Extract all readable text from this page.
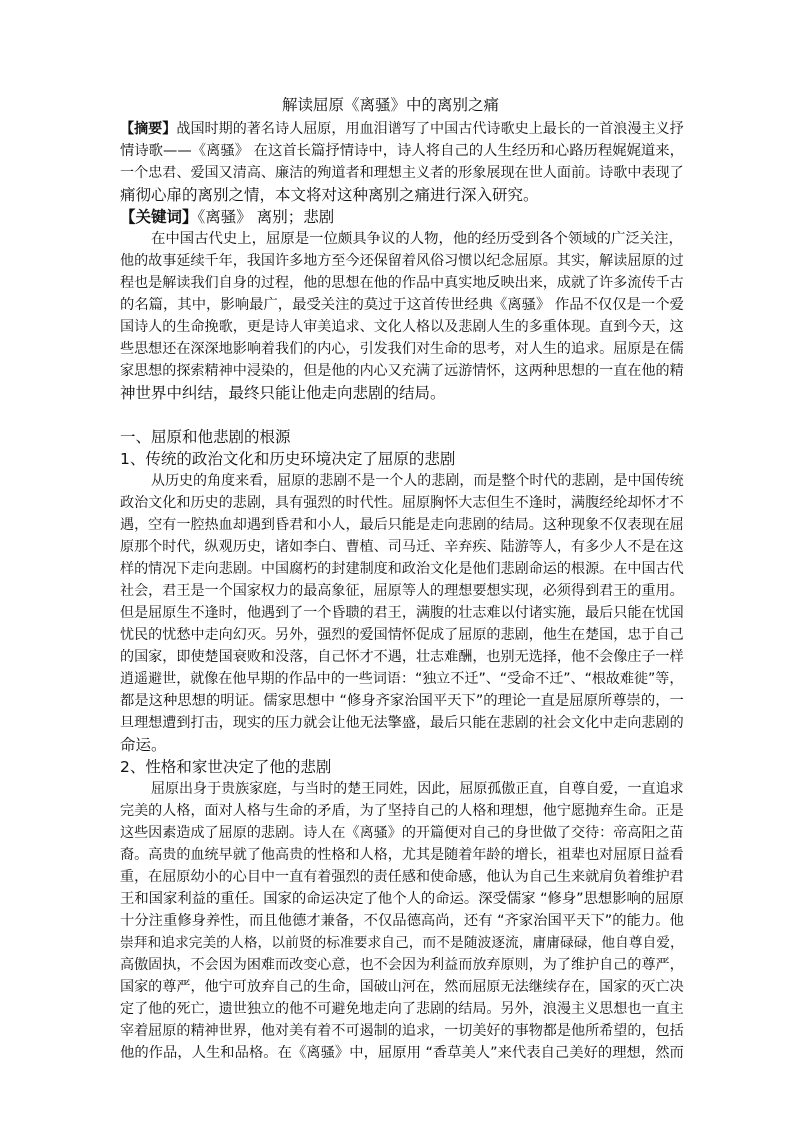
解读屈原《离骚》中的离别之痛
【摘要】战国时期的著名诗人屈原，用血泪谱写了中国古代诗歌史上最长的一首浪漫主义抒
情诗歌——《离骚》 在这首长篇抒情诗中，诗人将自己的人生经历和心路历程娓娓道来，
一个忠君、爱国又清高、廉洁的殉道者和理想主义者的形象展现在世人面前。诗歌中表现了
痛彻心扉的离别之情，本文将对这种离别之痛进行深入研究。
【关键词】《离骚》 离别；悲剧
在中国古代史上，屈原是一位颇具争议的人物，他的经历受到各个领域的广泛关注，
他的故事延续千年，我国许多地方至今还保留着风俗习惯以纪念屈原。其实，解读屈原的过
程也是解读我们自身的过程，他的思想在他的作品中真实地反映出来，成就了许多流传千古
的名篇，其中，影响最广，最受关注的莫过于这首传世经典《离骚》 作品不仅仅是一个爱
国诗人的生命挽歌，更是诗人审美追求、文化人格以及悲剧人生的多重体现。直到今天，这
些思想还在深深地影响着我们的内心，引发我们对生命的思考，对人生的追求。屈原是在儒
家思想的探索精神中浸染的，但是他的内心又充满了远游情怀，这两种思想的一直在他的精
神世界中纠结，最终只能让他走向悲剧的结局。
一、屈原和他悲剧的根源
1、传统的政治文化和历史环境决定了屈原的悲剧
从历史的角度来看，屈原的悲剧不是一个人的悲剧，而是整个时代的悲剧，是中国传统
政治文化和历史的悲剧，具有强烈的时代性。屈原胸怀大志但生不逢时，满腹经纶却怀才不
遇，空有一腔热血却遇到昏君和小人，最后只能是走向悲剧的结局。这种现象不仅表现在屈
原那个时代，纵观历史，诸如李白、曹植、司马迁、辛弃疾、陆游等人，有多少人不是在这
样的情况下走向悲剧。中国腐朽的封建制度和政治文化是他们悲剧命运的根源。在中国古代
社会，君王是一个国家权力的最高象征，屈原等人的理想要想实现，必须得到君王的重用。
但是屈原生不逢时，他遇到了一个昏聩的君王，满腹的壮志难以付诸实施，最后只能在忧国
忧民的忧愁中走向幻灭。另外，强烈的爱国情怀促成了屈原的悲剧，他生在楚国，忠于自己
的国家，即使楚国衰败和没落，自己怀才不遇，壮志难酬，也别无选择，他不会像庄子一样
逍遥避世，就像在他早期的作品中的一些词语：“独立不迁”、“受命不迁”、“根故难徙”等，
都是这种思想的明证。儒家思想中 “修身齐家治国平天下”的理论一直是屈原所尊崇的，一
旦理想遭到打击，现实的压力就会让他无法擎盛，最后只能在悲剧的社会文化中走向悲剧的
命运。
2、性格和家世决定了他的悲剧
屈原出身于贵族家庭，与当时的楚王同姓，因此，屈原孤傲正直，自尊自爱，一直追求
完美的人格，面对人格与生命的矛盾，为了坚持自己的人格和理想，他宁愿抛弃生命。正是
这些因素造成了屈原的悲剧。诗人在《离骚》的开篇便对自己的身世做了交待：帝高阳之苗
裔。高贵的血统早就了他高贵的性格和人格，尤其是随着年龄的增长，祖辈也对屈原日益看
重，在屈原幼小的心目中一直有着强烈的责任感和使命感，他认为自己生来就肩负着维护君
王和国家利益的重任。国家的命运决定了他个人的命运。深受儒家 “修身”思想影响的屈原
十分注重修身养性，而且他德才兼备，不仅品德高尚，还有 “齐家治国平天下”的能力。他
崇拜和追求完美的人格，以前贤的标准要求自己，而不是随波逐流，庸庸碌碌，他自尊自爱，
高傲固执，不会因为困难而改变心意，也不会因为利益而放弃原则，为了维护自己的尊严，
国家的尊严，他宁可放弃自己的生命，国破山河在，然而屈原无法继续存在，国家的灭亡决
定了他的死亡，遗世独立的他不可避免地走向了悲剧的结局。另外，浪漫主义思想也一直主
宰着屈原的精神世界，他对美有着不可遏制的追求，一切美好的事物都是他所希望的，包括
他的作品，人生和品格。在《离骚》中，屈原用 “香草美人”来代表自己美好的理想，然而
